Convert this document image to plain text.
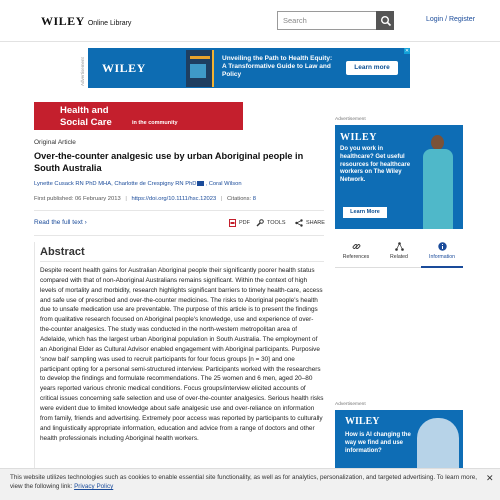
WILEY Online Library	Search	Login / Register
Advertisement WILEY
Unveiling the Path to Health Equity: A Transformative Guide to Law and Policy
Learn more
✕
Health and
Social Care	in the community
Original Article
Over-the-counter analgesic use by urban Aboriginal people in South Australia
Lynette Cusack RN PhD MHA, Charlotte de Crespigny RN PhD , Coral Wilson
First published: 06 February 2013 | https://doi.org/10.1111/hsc.12023 | Citations: 8
Read the full text ›	PDF	TOOLS	SHARE
Abstract

Despite recent health gains for Australian Aboriginal people their significantly poorer health status compared with that of non-Aboriginal Australians remains significant. Within the context of high levels of mortality and morbidity, research highlights significant barriers to timely health-care, access and safe use of prescribed and over-the-counter medicines. The risks to Aboriginal people's health due to unsafe medication use are preventable. The purpose of this article is to present the findings from qualitative research focused on Aboriginal people's knowledge, use and experience of over-the-counter analgesics. The study was conducted in the north-western metropolitan area of Adelaide, which has the largest urban Aboriginal population in South Australia. The employment of an Aboriginal Elder as Cultural Advisor enabled engagement with Aboriginal participants. Purposive 'snow ball' sampling was used to recruit participants for four focus groups [n = 30] and one participant opting for a personal semi-structured interview. Participants worked with the researchers to develop the findings and formulate recommendations. The 25 women and 6 men, aged 20–80 years reported various chronic medical conditions. Focus groups/interview elicited accounts of critical issues concerning safe selection and use of over-the-counter analgesics. Serious health risks were evident due to limited knowledge about safe analgesic use and over-reliance on information from family, friends and advertising. Extremely poor access was reported by participants to culturally and linguistically appropriate information, education and advice from a range of doctors and other health professionals including Aboriginal health workers.

Advertisement
WILEY
Do you work in healthcare? Get useful resources for healthcare workers on The Wiley Network.
Learn More
References	Related	Information
Advertisement
WILEY
How is AI changing the way we find and use information?
This website utilizes technologies such as cookies to enable essential site functionality, as well as for analytics, personalization, and targeted advertising. To learn more, view the following link: Privacy Policy
✕
